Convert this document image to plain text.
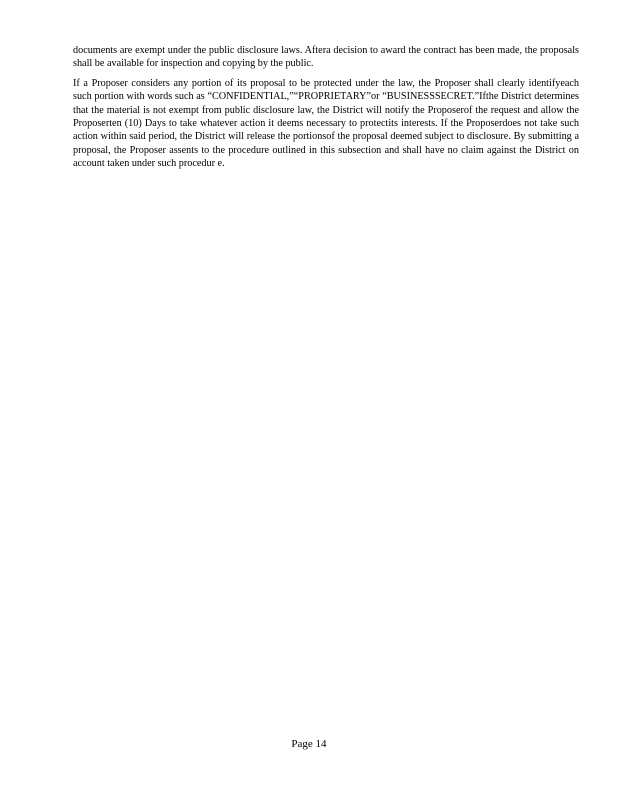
documents are exempt under the public disclosure laws. Aftera decision to award the contract has been made, the proposals shall be available for inspection and copying by the public.

If a Proposer considers any portion of its proposal to be protected under the law, the Proposer shall clearly identifyeach such portion with words such as “CONFIDENTIAL,”“PROPRIETARY”or “BUSINESSSECRET.”Ifthe District determines that the material is not exempt from public disclosure law, the District will notify the Proposerof the request and allow the Proposerten (10) Days to take whatever action it deems necessary to protectits interests. If the Proposerdoes not take such action within said period, the District will release the portionsof the proposal deemed subject to disclosure. By submitting a proposal, the Proposer assents to the procedure outlined in this subsection and shall have no claim against the District on account taken under such procedur e.

Page 14
